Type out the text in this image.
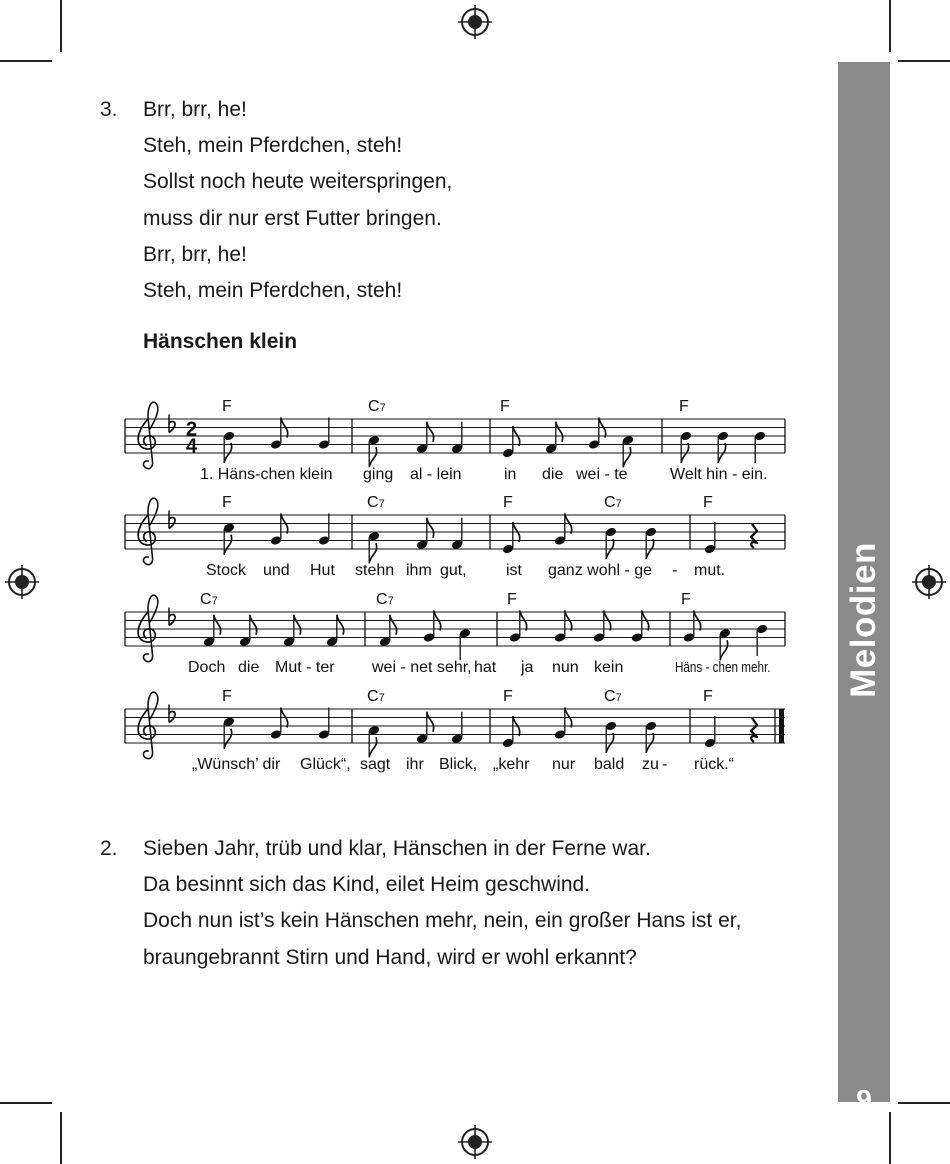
Melodien
9
3. Brr, brr, he!
Steh, mein Pferdchen, steh!
Sollst noch heute weiterspringen,
muss dir nur erst Futter bringen.
Brr, brr, he!
Steh, mein Pferdchen, steh!
Hänschen klein
F	C7	F	F
1. Häns-chen klein ging al - lein	in die wei - te	Welt hin - ein.
2
4
F	C7	F	C7	F
Stock und Hut stehn ihm gut, ist ganz wohl - ge - mut.
C7	C7	F	F
Doch die Mut - ter wei - net sehr, hat ja nun kein	Häns - chen mehr.
F	C7	F	C7	F
„Wünsch’ dir Glück“, sagt ihr Blick, „kehr nur bald zu - rück.“
2. Sieben Jahr, trüb und klar, Hänschen in der Ferne war.
Da besinnt sich das Kind, eilet Heim geschwind.
Doch nun ist’s kein Hänschen mehr, nein, ein großer Hans ist er,
braungebrannt Stirn und Hand, wird er wohl erkannt?
